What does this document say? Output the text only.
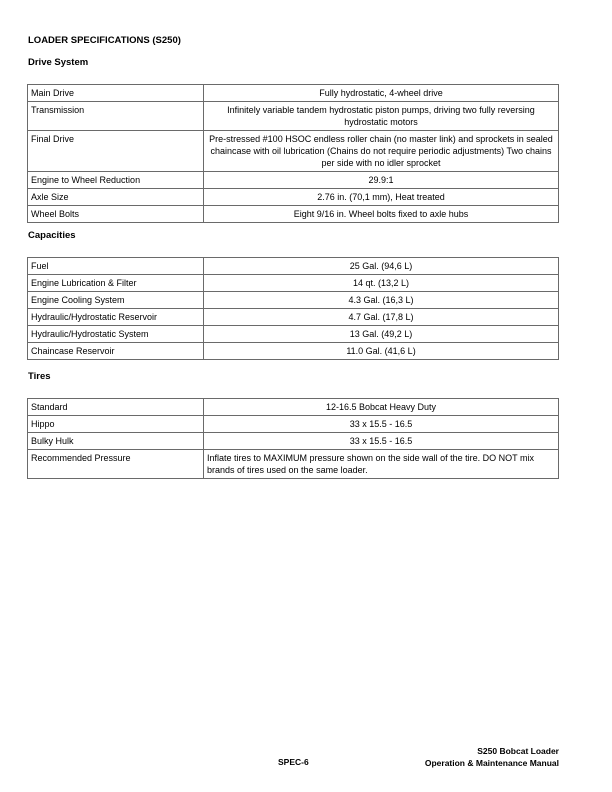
LOADER SPECIFICATIONS (S250)
Drive System
Main Drive	Fully hydrostatic, 4-wheel drive
Transmission	Infinitely variable tandem hydrostatic piston pumps, driving two fully reversing hydrostatic motors
Final Drive	Pre-stressed #100 HSOC endless roller chain (no master link) and sprockets in sealed chaincase with oil lubrication (Chains do not require periodic adjustments) Two chains per side with no idler sprocket
Engine to Wheel Reduction	29.9:1
Axle Size	2.76 in. (70,1 mm), Heat treated
Wheel Bolts	Eight 9/16 in. Wheel bolts fixed to axle hubs
Capacities
Fuel	25 Gal. (94,6 L)
Engine Lubrication & Filter	14 qt. (13,2 L)
Engine Cooling System	4.3 Gal. (16,3 L)
Hydraulic/Hydrostatic Reservoir	4.7 Gal. (17,8 L)
Hydraulic/Hydrostatic System	13 Gal. (49,2 L)
Chaincase Reservoir	11.0 Gal. (41,6 L)
Tires
Standard	12-16.5 Bobcat Heavy Duty
Hippo	33 x 15.5 - 16.5
Bulky Hulk	33 x 15.5 - 16.5
Recommended Pressure	Inflate tires to MAXIMUM pressure shown on the side wall of the tire. DO NOT mix brands of tires used on the same loader.
SPEC-6
S250 Bobcat Loader
Operation & Maintenance Manual
